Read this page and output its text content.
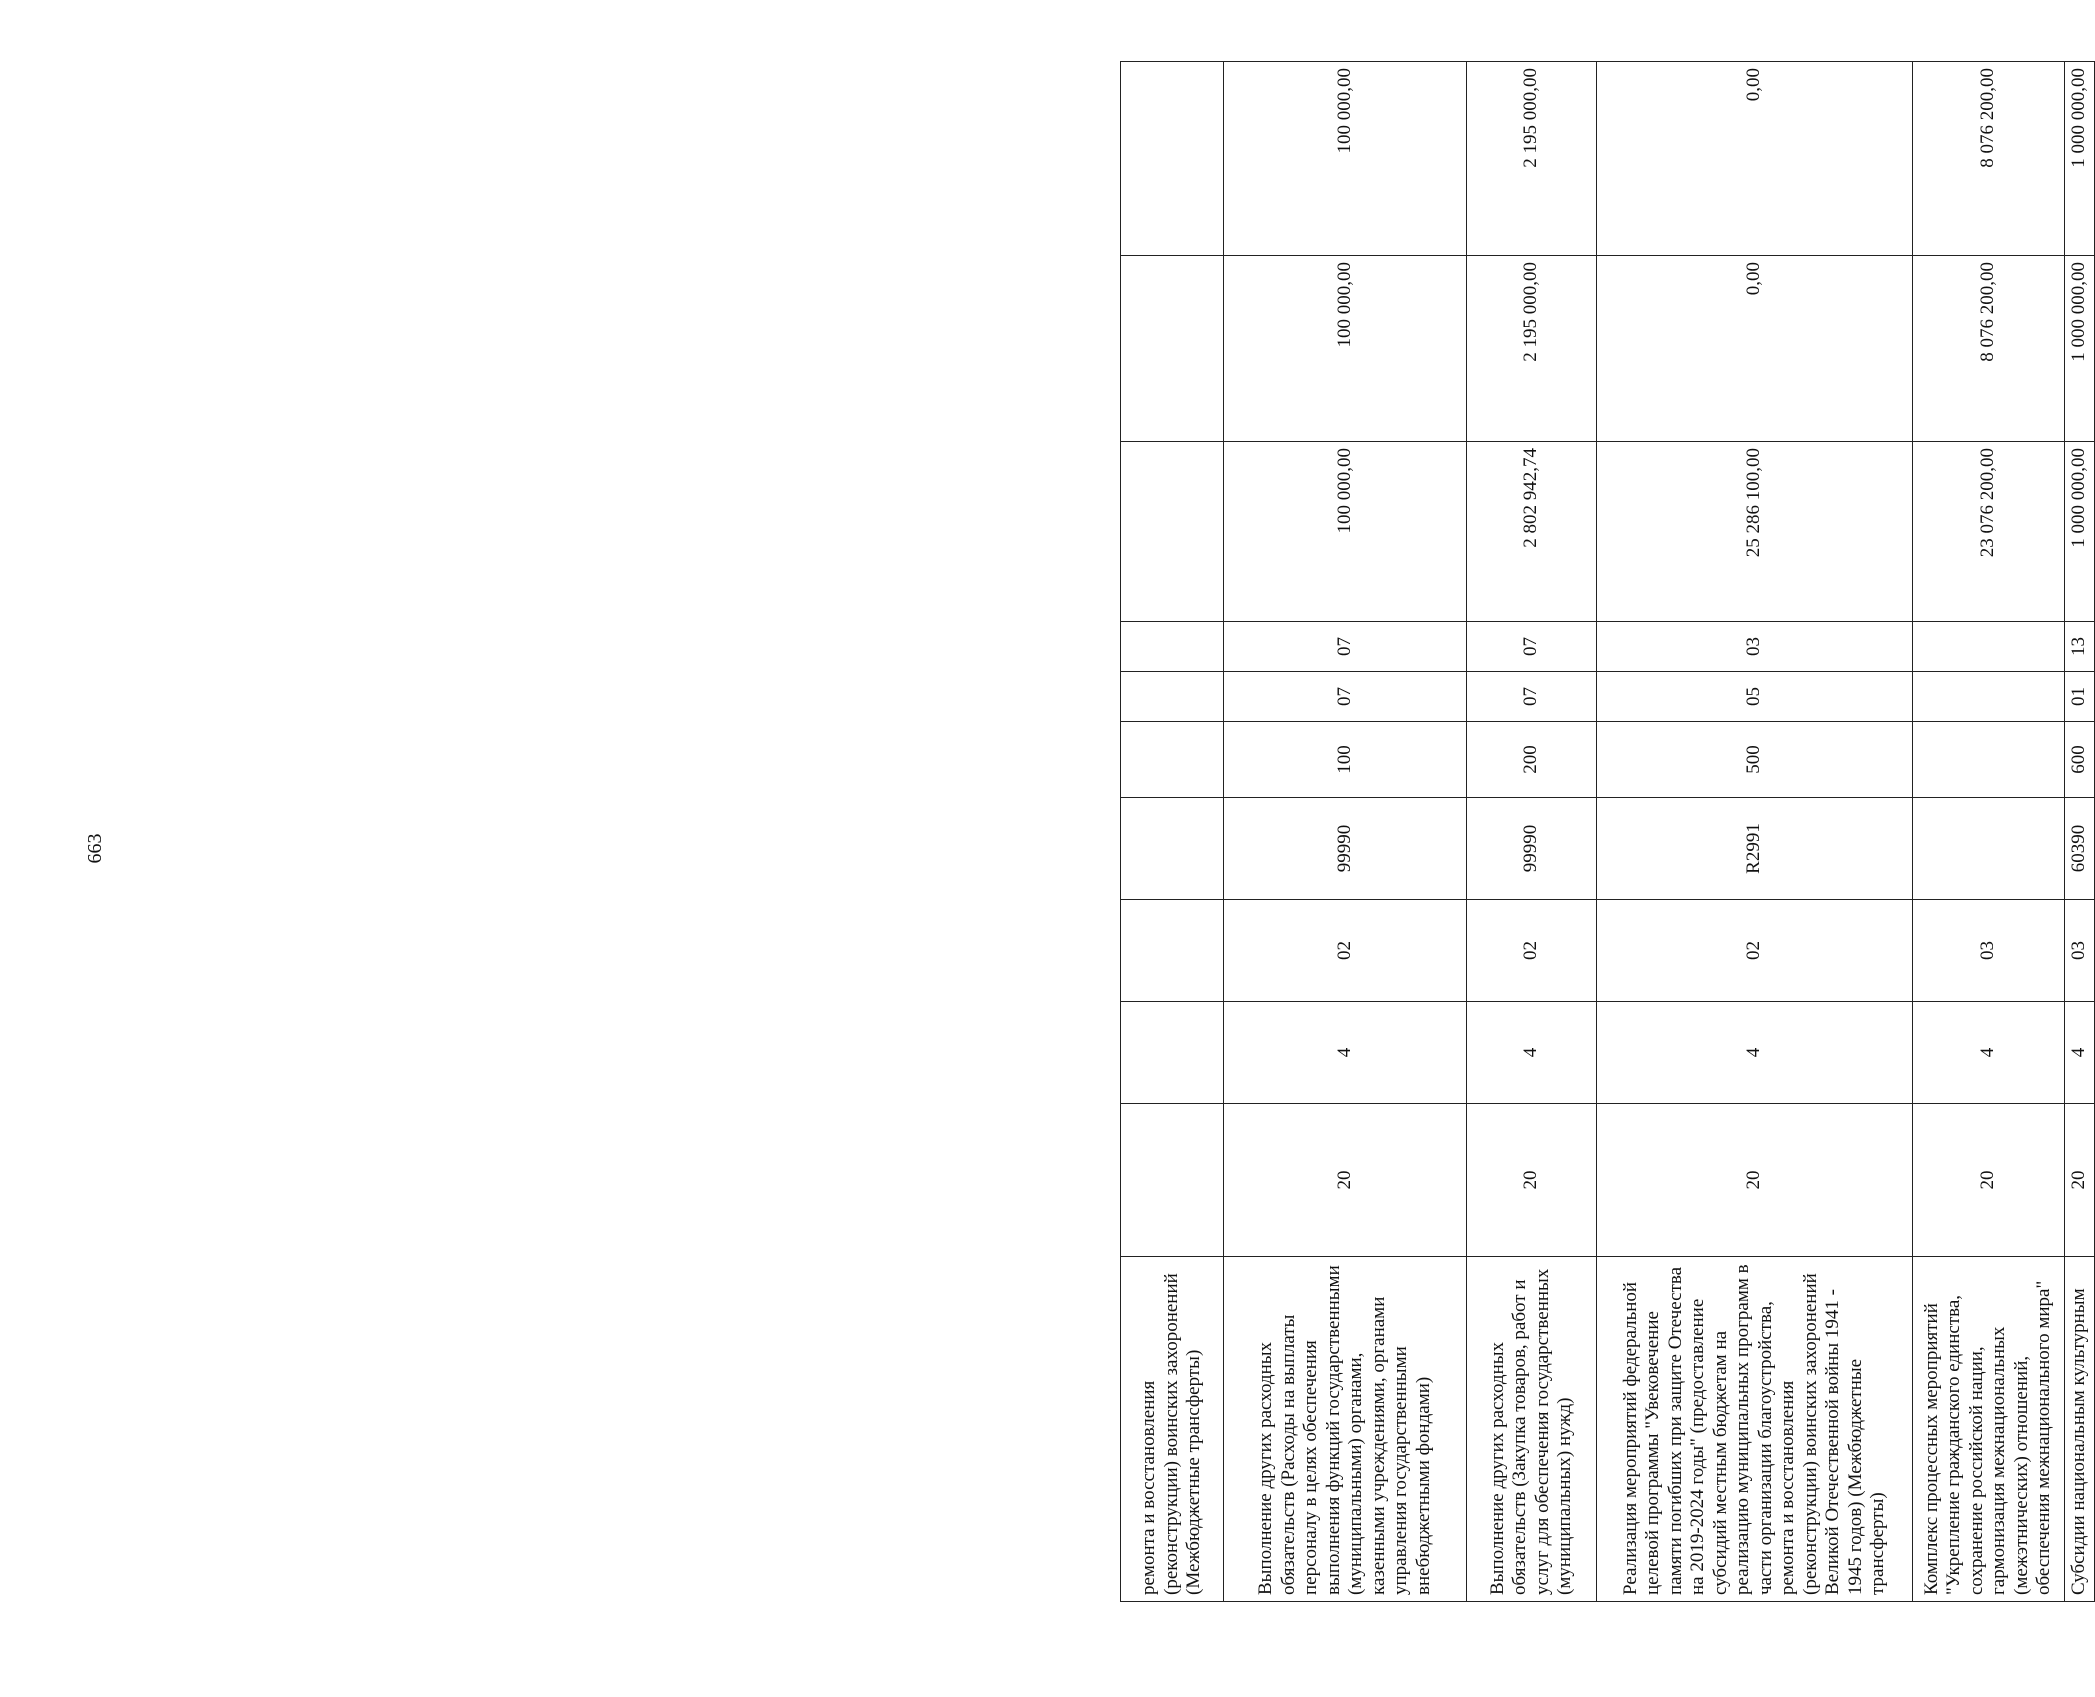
663
ремонта и восстановления (реконструкции) воинских захоронений (Межбюджетные трансферты)										
Выполнение других расходных обязательств (Расходы на выплаты персоналу в целях обеспечения выполнения функций государственными (муниципальными) органами, казенными учреждениями, органами управления государственными внебюджетными фондами)	20	4	02	99990	100	07	07	100 000,00	100 000,00	100 000,00
Выполнение других расходных обязательств (Закупка товаров, работ и услуг для обеспечения государственных (муниципальных) нужд)	20	4	02	99990	200	07	07	2 802 942,74	2 195 000,00	2 195 000,00
Реализация мероприятий федеральной целевой программы "Увековечение памяти погибших при защите Отечества на 2019-2024 годы" (предоставление субсидий местным бюджетам на реализацию муниципальных программ в части организации благоустройства, ремонта и восстановления (реконструкции) воинских захоронений Великой Отечественной войны 1941 - 1945 годов) (Межбюджетные трансферты)	20	4	02	R2991	500	05	03	25 286 100,00	0,00	0,00
Комплекс процессных мероприятий "Укрепление гражданского единства, сохранение российской нации, гармонизация межнациональных (межэтнических) отношений, обеспечения межнационального мира"	20	4	03					23 076 200,00	8 076 200,00	8 076 200,00
Субсидии национальным культурным	20	4	03	60390	600	01	13	1 000 000,00	1 000 000,00	1 000 000,00
